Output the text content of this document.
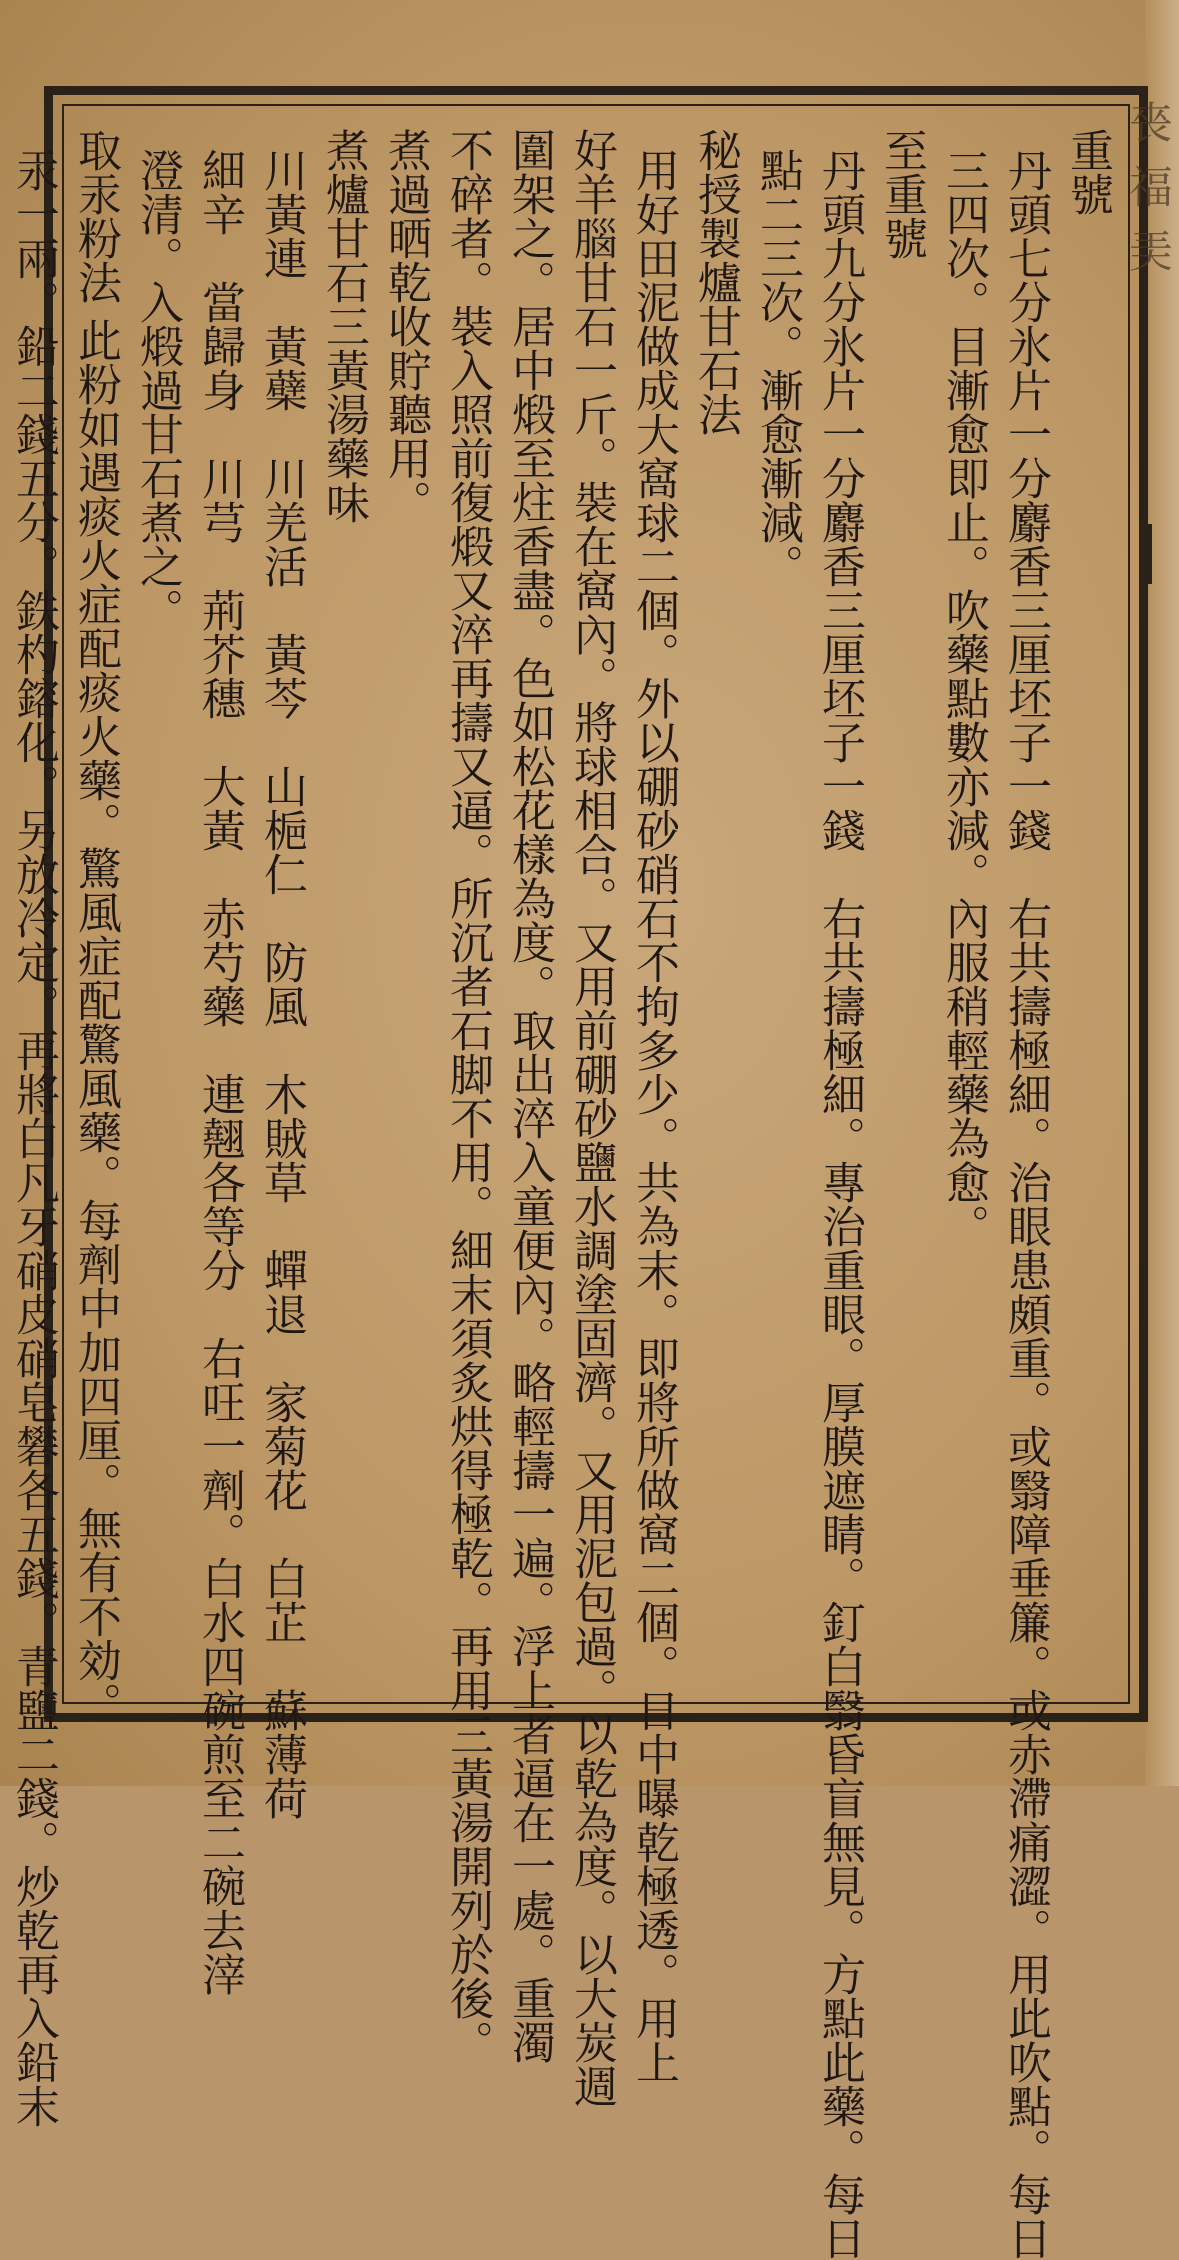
䘮福㺯
重號
丹頭七分氷片一分麝香三厘坯子一錢　右共擣極細。治眼患頗重。或翳障垂簾。或赤滯痛澀。用此吹點。每日
三四次。目漸愈即止。吹藥點數亦減。內服稍輕藥為愈。
至重號
丹頭九分氷片一分麝香三厘坯子一錢　右共擣極細。專治重眼。厚膜遮睛。釘白翳昏盲無見。方點此藥。每日
點二三次。漸愈漸減。
秘授製爐甘石法
用好田泥做成大窩球二個。外以硼砂硝石不拘多少。共為末。即將所做窩二個。日中曝乾極透。用上
好羊腦甘石一斤。裝在窩內。將球相合。又用前硼砂鹽水調塗固濟。又用泥包過。以乾為度。以大炭週
圍架之。居中煅至炷香盡。色如松花樣為度。取出淬入童便內。略輕擣一遍。浮上者逼在一處。重濁
不碎者。裝入照前復煅又淬再擣又逼。所沉者石脚不用。細末須炙烘得極乾。再用三黃湯開列於後。
煮過晒乾收貯聽用。
煮爐甘石三黃湯藥味
川黃連　黃蘗　川羌活　黃芩　山梔仁　防風　木賊草　蟬退　家菊花　白芷　蘇薄荷
細辛　當歸身　川芎　荊芥穗　大黃　赤芍藥　連翹各等分　右㕵一劑。白水四碗煎至二碗去滓
澄清。入煅過甘石煮之。
取汞粉法 此粉如遇痰火症配痰火藥。驚風症配驚風藥。每劑中加四厘。無有不効。
汞一兩。鉛二錢五分。鉄杓鎔化。另放冷定。再將白凡牙硝皮硝皂礬各五錢。青鹽二錢。炒乾再入鉛末
